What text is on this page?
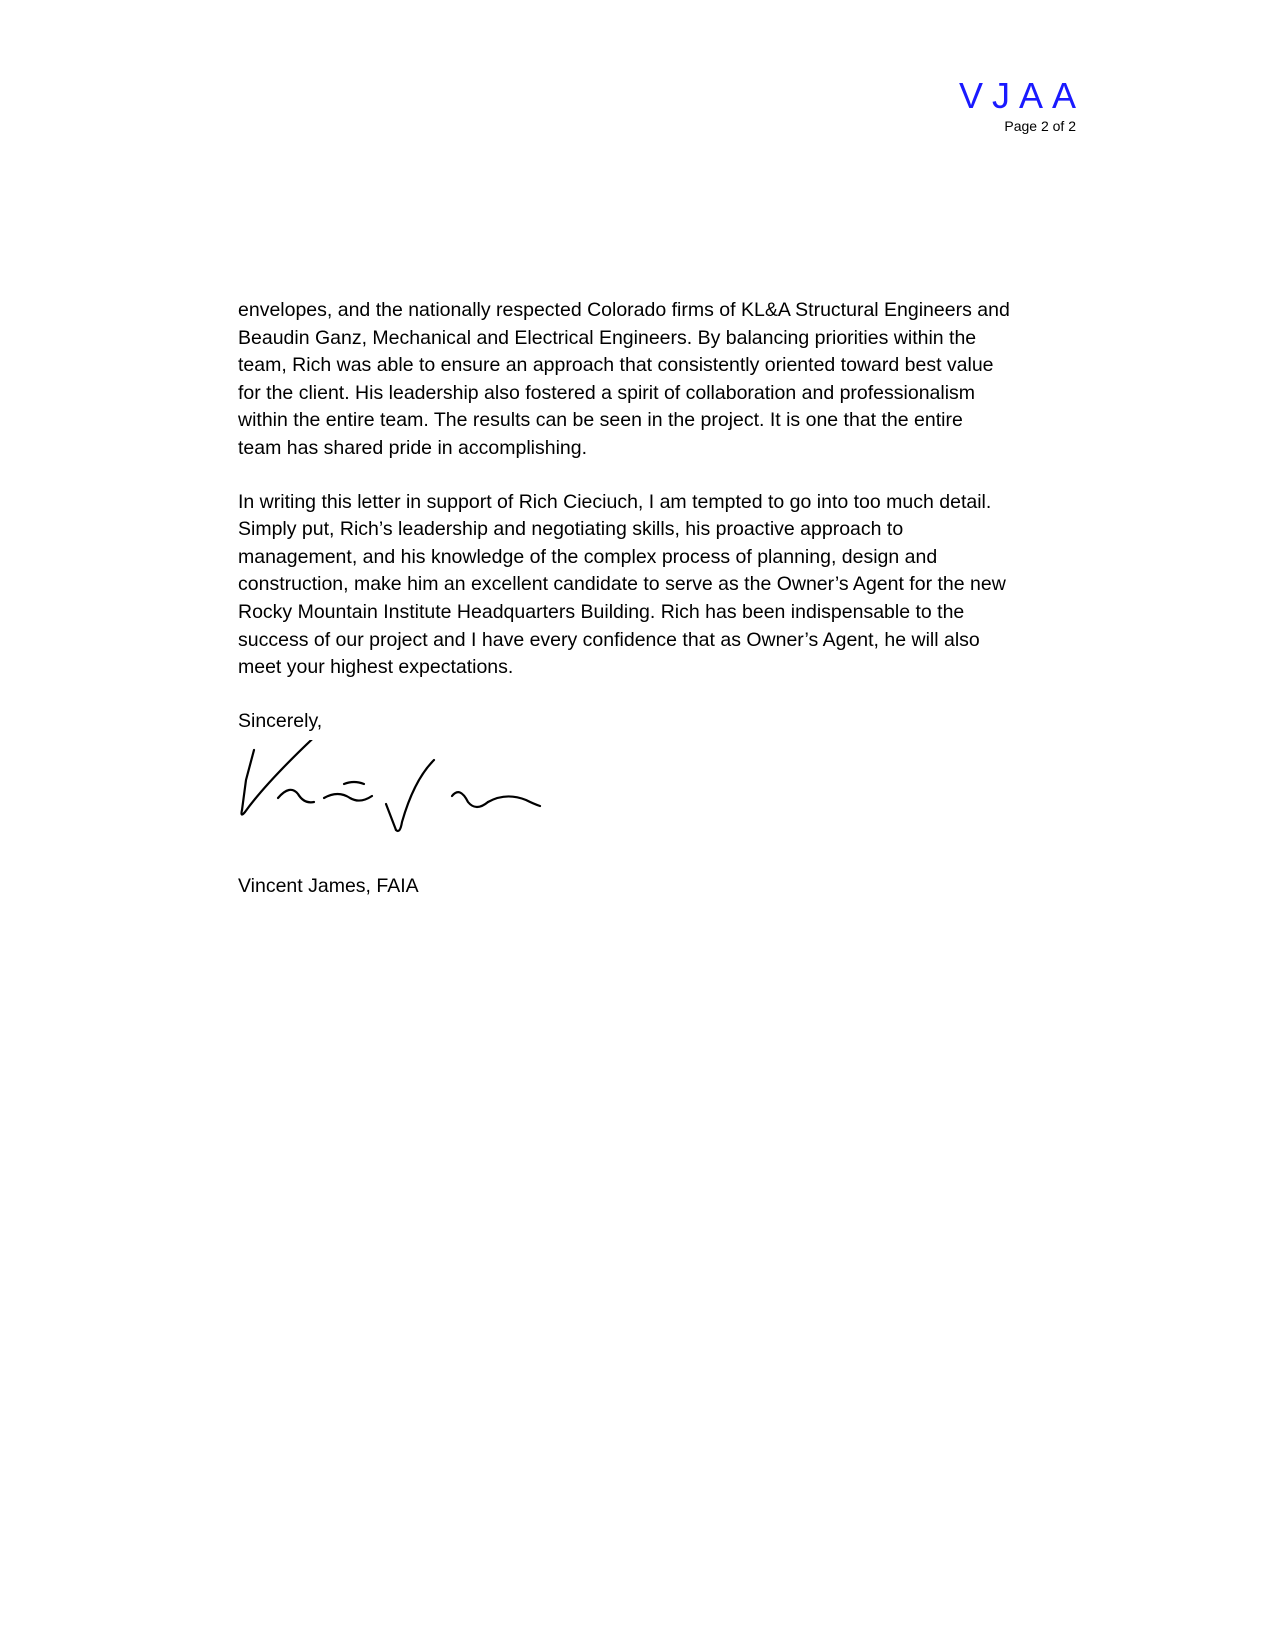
VJAA
Page 2 of 2

envelopes, and the nationally respected Colorado firms of KL&A Structural Engineers and
Beaudin Ganz, Mechanical and Electrical Engineers. By balancing priorities within the
team, Rich was able to ensure an approach that consistently oriented toward best value
for the client. His leadership also fostered a spirit of collaboration and professionalism
within the entire team. The results can be seen in the project. It is one that the entire
team has shared pride in accomplishing.

In writing this letter in support of Rich Cieciuch, I am tempted to go into too much detail.
Simply put, Rich’s leadership and negotiating skills, his proactive approach to
management, and his knowledge of the complex process of planning, design and
construction, make him an excellent candidate to serve as the Owner’s Agent for the new
Rocky Mountain Institute Headquarters Building. Rich has been indispensable to the
success of our project and I have every confidence that as Owner’s Agent, he will also
meet your highest expectations.

Sincerely,

Vincent James, FAIA
